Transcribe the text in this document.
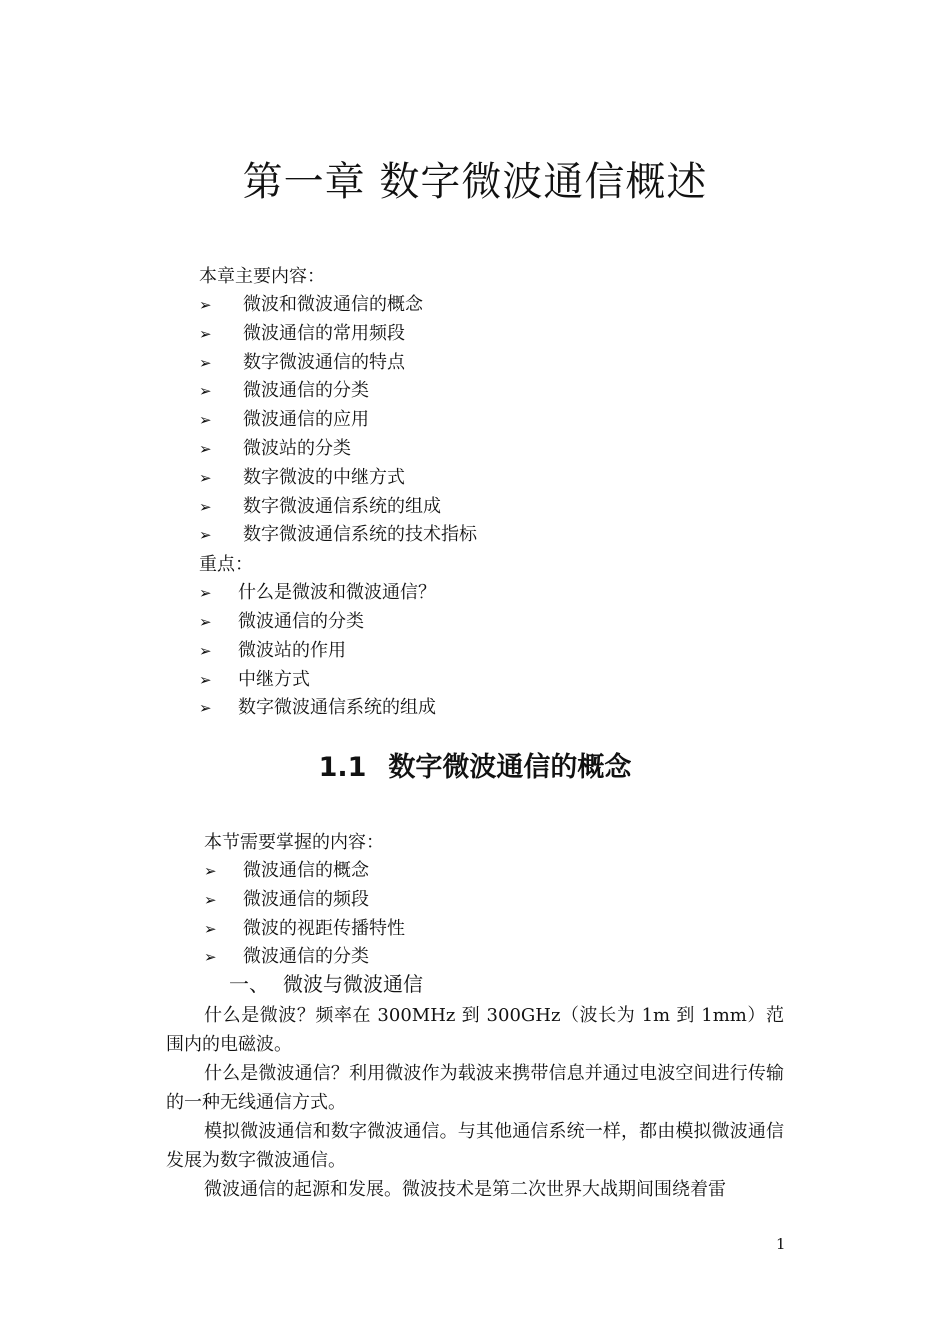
第一章 数字微波通信概述
本章主要内容：
➢ 微波和微波通信的概念
➢ 微波通信的常用频段
➢ 数字微波通信的特点
➢ 微波通信的分类
➢ 微波通信的应用
➢ 微波站的分类
➢ 数字微波的中继方式
➢ 数字微波通信系统的组成
➢ 数字微波通信系统的技术指标
重点：
➢ 什么是微波和微波通信？
➢ 微波通信的分类
➢ 微波站的作用
➢ 中继方式
➢ 数字微波通信系统的组成
1.1 数字微波通信的概念
本节需要掌握的内容：
➢ 微波通信的概念
➢ 微波通信的频段
➢ 微波的视距传播特性
➢ 微波通信的分类
一、 微波与微波通信

什么是微波？频率在 300MHz 到 300GHz（波长为 1m 到 1mm）范围内的电磁波。

什么是微波通信？利用微波作为载波来携带信息并通过电波空间进行传输的一种无线通信方式。

模拟微波通信和数字微波通信。与其他通信系统一样，都由模拟微波通信发展为数字微波通信。

微波通信的起源和发展。微波技术是第二次世界大战期间围绕着雷

1
